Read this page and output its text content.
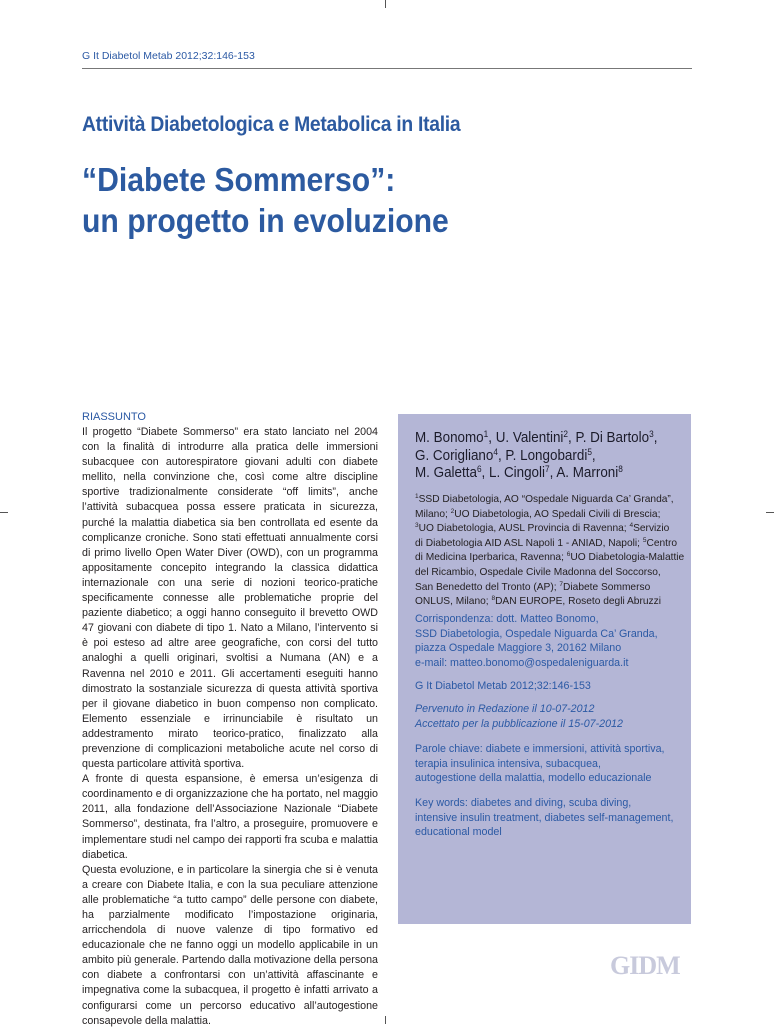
G It Diabetol Metab 2012;32:146-153
Attività Diabetologica e Metabolica in Italia
“Diabete Sommerso”:
un progetto in evoluzione
RIASSUNTO

Il progetto “Diabete Sommerso” era stato lanciato nel 2004 con la finalità di introdurre alla pratica delle immersioni subacquee con autorespiratore giovani adulti con diabete mellito, nella convinzione che, così come altre discipline sportive tradizionalmente considerate “off limits”, anche l’attività subacquea possa essere praticata in sicurezza, purché la malattia diabetica sia ben controllata ed esente da complicanze croniche. Sono stati effettuati annualmente corsi di primo livello Open Water Diver (OWD), con un programma appositamente concepito integrando la classica didattica internazionale con una serie di nozioni teorico-pratiche specificamente connesse alle problematiche proprie del paziente diabetico; a oggi hanno conseguito il brevetto OWD 47 giovani con diabete di tipo 1. Nato a Milano, l’intervento si è poi esteso ad altre aree geografiche, con corsi del tutto analoghi a quelli originari, svoltisi a Numana (AN) e a Ravenna nel 2010 e 2011. Gli accertamenti eseguiti hanno dimostrato la sostanziale sicurezza di questa attività sportiva per il giovane diabetico in buon compenso non complicato. Elemento essenziale e irrinunciabile è risultato un addestramento mirato teorico-pratico, finalizzato alla prevenzione di complicazioni metaboliche acute nel corso di questa particolare attività sportiva.

A fronte di questa espansione, è emersa un’esigenza di coordinamento e di organizzazione che ha portato, nel maggio 2011, alla fondazione dell’Associazione Nazionale “Diabete Sommerso”, destinata, fra l’altro, a proseguire, promuovere e implementare studi nel campo dei rapporti fra scuba e malattia diabetica.

Questa evoluzione, e in particolare la sinergia che si è venuta a creare con Diabete Italia, e con la sua peculiare attenzione alle problematiche “a tutto campo” delle persone con diabete, ha parzialmente modificato l’impostazione originaria, arricchendola di nuove valenze di tipo formativo ed educazionale che ne fanno oggi un modello applicabile in un ambito più generale. Partendo dalla motivazione della persona con diabete a confrontarsi con un’attività affascinante e impegnativa come la subacquea, il progetto è infatti arrivato a configurarsi come un percorso educativo all’autogestione consapevole della malattia.

M. Bonomo$^1$, U. Valentini$^2$, P. Di Bartolo$^3$,
G. Corigliano$^4$, P. Longobardi$^5$,
M. Galetta$^6$, L. Cingoli$^7$, A. Marroni$^8$
$^1$SSD Diabetologia, AO “Ospedale Niguarda Ca’ Granda”,
Milano; $^2$UO Diabetologia, AO Spedali Civili di Brescia;
$^3$UO Diabetologia, AUSL Provincia di Ravenna; $^4$Servizio
di Diabetologia AID ASL Napoli 1 - ANIAD, Napoli; $^5$Centro
di Medicina Iperbarica, Ravenna; $^6$UO Diabetologia-Malattie
del Ricambio, Ospedale Civile Madonna del Soccorso,
San Benedetto del Tronto (AP); $^7$Diabete Sommerso
ONLUS, Milano; $^8$DAN EUROPE, Roseto degli Abruzzi
Corrispondenza: dott. Matteo Bonomo,
SSD Diabetologia, Ospedale Niguarda Ca’ Granda,
piazza Ospedale Maggiore 3, 20162 Milano
e-mail: matteo.bonomo@ospedaleniguarda.it
G It Diabetol Metab 2012;32:146-153
Pervenuto in Redazione il 10-07-2012
Accettato per la pubblicazione il 15-07-2012
Parole chiave: diabete e immersioni, attività sportiva,
terapia insulinica intensiva, subacquea,
autogestione della malattia, modello educazionale
Key words: diabetes and diving, scuba diving,
intensive insulin treatment, diabetes self-management,
educational model
GIDM
